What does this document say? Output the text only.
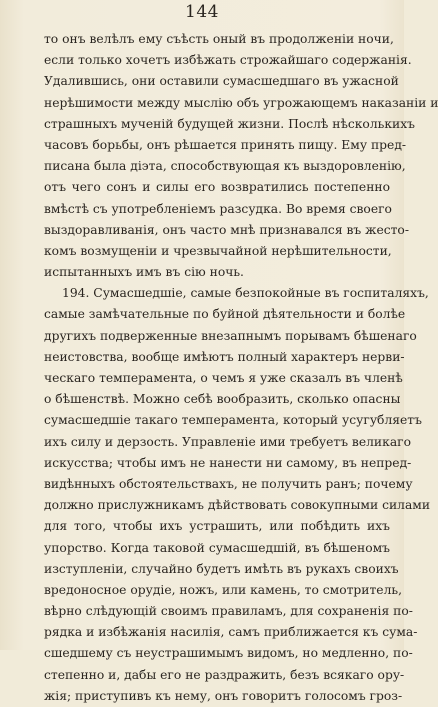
144
то онъ велѣлъ ему съѣсть оный въ продолженіи ночи,
если только хочетъ избѣжать строжайшаго содержанія.
Удалившись, они оставили сумасшедшаго въ ужасной
нерѣшимости между мыслію объ угрожающемъ наказаніи и
страшныхъ мученій будущей жизни. Послѣ нѣсколькихъ
часовъ борьбы, онъ рѣшается принять пищу. Ему пред-
писана была діэта, способствующая къ выздоровленію,
отъ чего сонъ и силы его возвратились постепенно
вмѣстѣ съ употребленіемъ разсудка. Во время своего
выздоравливанія, онъ часто мнѣ признавался въ жесто-
комъ возмущеніи и чрезвычайной нерѣшительности,
испытанныхъ имъ въ сію ночь.
194. Сумасшедшіе, самые безпокойные въ госпиталяхъ,
самые замѣчательные по буйной дѣятельности и болѣе
другихъ подверженные внезапнымъ порывамъ бѣшенаго
неистовства, вообще имѣютъ полный характеръ нерви-
ческаго темперамента, о чемъ я уже сказалъ въ членѣ
о бѣшенствѣ. Можно себѣ вообразить, сколько опасны
сумасшедшіе такаго темперамента, который усугубляетъ
ихъ силу и дерзость. Управленіе ими требуетъ великаго
искусства; чтобы имъ не нанести ни самому, въ непред-
видѣнныхъ обстоятельствахъ, не получить ранъ; почему
должно прислужникамъ дѣйствовать совокупными силами
для того, чтобы ихъ устрашить, или побѣдить ихъ
упорство. Когда таковой сумасшедшій, въ бѣшеномъ
изступленіи, случайно будетъ имѣть въ рукахъ своихъ
вредоносное орудіе, ножъ, или камень, то смотритель,
вѣрно слѣдующій своимъ правиламъ, для сохраненія по-
рядка и избѣжанія насилія, самъ приближается къ сума-
сшедшему съ неустрашимымъ видомъ, но медленно, по-
степенно и, дабы его не раздражить, безъ всякаго ору-
жія; приступивъ къ нему, онъ говоритъ голосомъ гроз-
